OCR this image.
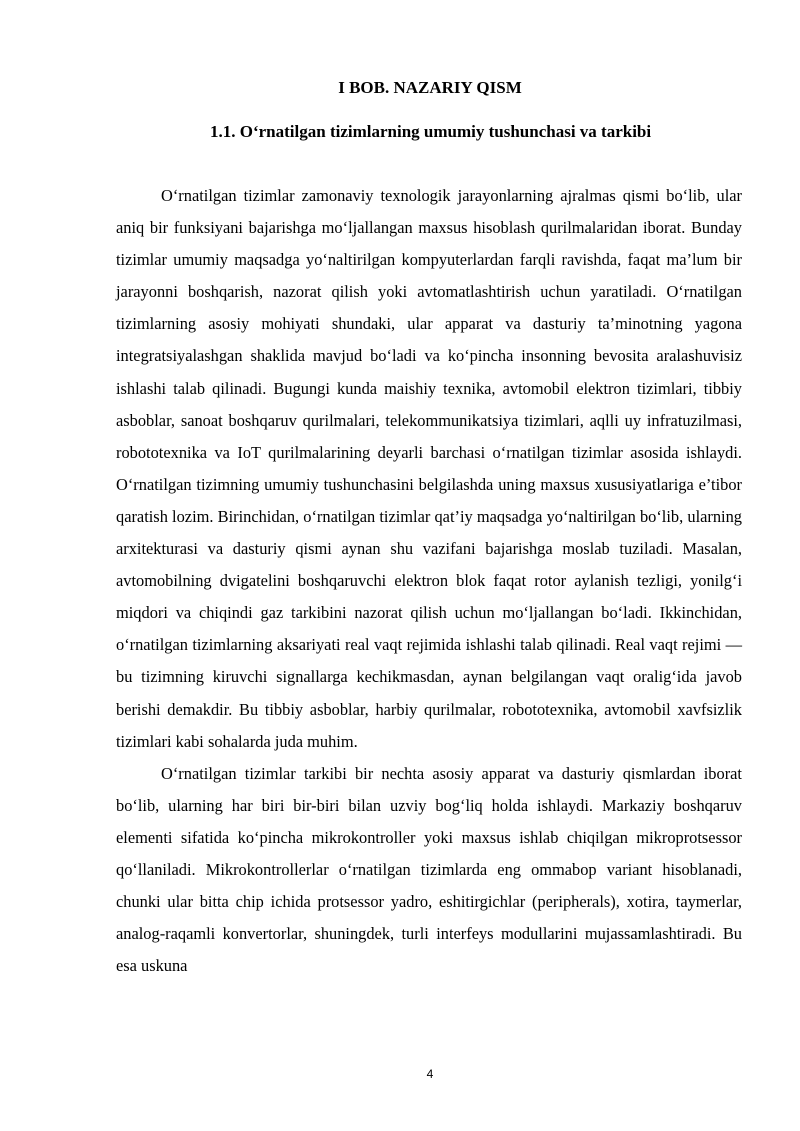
I BOB. NAZARIY QISM
1.1. O‘rnatilgan tizimlarning umumiy tushunchasi va tarkibi

O‘rnatilgan tizimlar zamonaviy texnologik jarayonlarning ajralmas qismi bo‘lib, ular aniq bir funksiyani bajarishga mo‘ljallangan maxsus hisoblash qurilmalaridan iborat. Bunday tizimlar umumiy maqsadga yo‘naltirilgan kompyuterlardan farqli ravishda, faqat ma’lum bir jarayonni boshqarish, nazorat qilish yoki avtomatlashtirish uchun yaratiladi. O‘rnatilgan tizimlarning asosiy mohiyati shundaki, ular apparat va dasturiy ta’minotning yagona integratsiyalashgan shaklida mavjud bo‘ladi va ko‘pincha insonning bevosita aralashuvisiz ishlashi talab qilinadi. Bugungi kunda maishiy texnika, avtomobil elektron tizimlari, tibbiy asboblar, sanoat boshqaruv qurilmalari, telekommunikatsiya tizimlari, aqlli uy infratuzilmasi, robototexnika va IoT qurilmalarining deyarli barchasi o‘rnatilgan tizimlar asosida ishlaydi. O‘rnatilgan tizimning umumiy tushunchasini belgilashda uning maxsus xususiyatlariga e’tibor qaratish lozim. Birinchidan, o‘rnatilgan tizimlar qat’iy maqsadga yo‘naltirilgan bo‘lib, ularning arxitekturasi va dasturiy qismi aynan shu vazifani bajarishga moslab tuziladi. Masalan, avtomobilning dvigatelini boshqaruvchi elektron blok faqat rotor aylanish tezligi, yonilg‘i miqdori va chiqindi gaz tarkibini nazorat qilish uchun mo‘ljallangan bo‘ladi. Ikkinchidan, o‘rnatilgan tizimlarning aksariyati real vaqt rejimida ishlashi talab qilinadi. Real vaqt rejimi — bu tizimning kiruvchi signallarga kechikmasdan, aynan belgilangan vaqt oralig‘ida javob berishi demakdir. Bu tibbiy asboblar, harbiy qurilmalar, robototexnika, avtomobil xavfsizlik tizimlari kabi sohalarda juda muhim.

O‘rnatilgan tizimlar tarkibi bir nechta asosiy apparat va dasturiy qismlardan iborat bo‘lib, ularning har biri bir-biri bilan uzviy bog‘liq holda ishlaydi. Markaziy boshqaruv elementi sifatida ko‘pincha mikrokontroller yoki maxsus ishlab chiqilgan mikroprotsessor qo‘llaniladi. Mikrokontrollerlar o‘rnatilgan tizimlarda eng ommabop variant hisoblanadi, chunki ular bitta chip ichida protsessor yadro, eshitirgichlar (peripherals), xotira, taymerlar, analog-raqamli konvertorlar, shuningdek, turli interfeys modullarini mujassamlashtiradi. Bu esa uskuna

4
